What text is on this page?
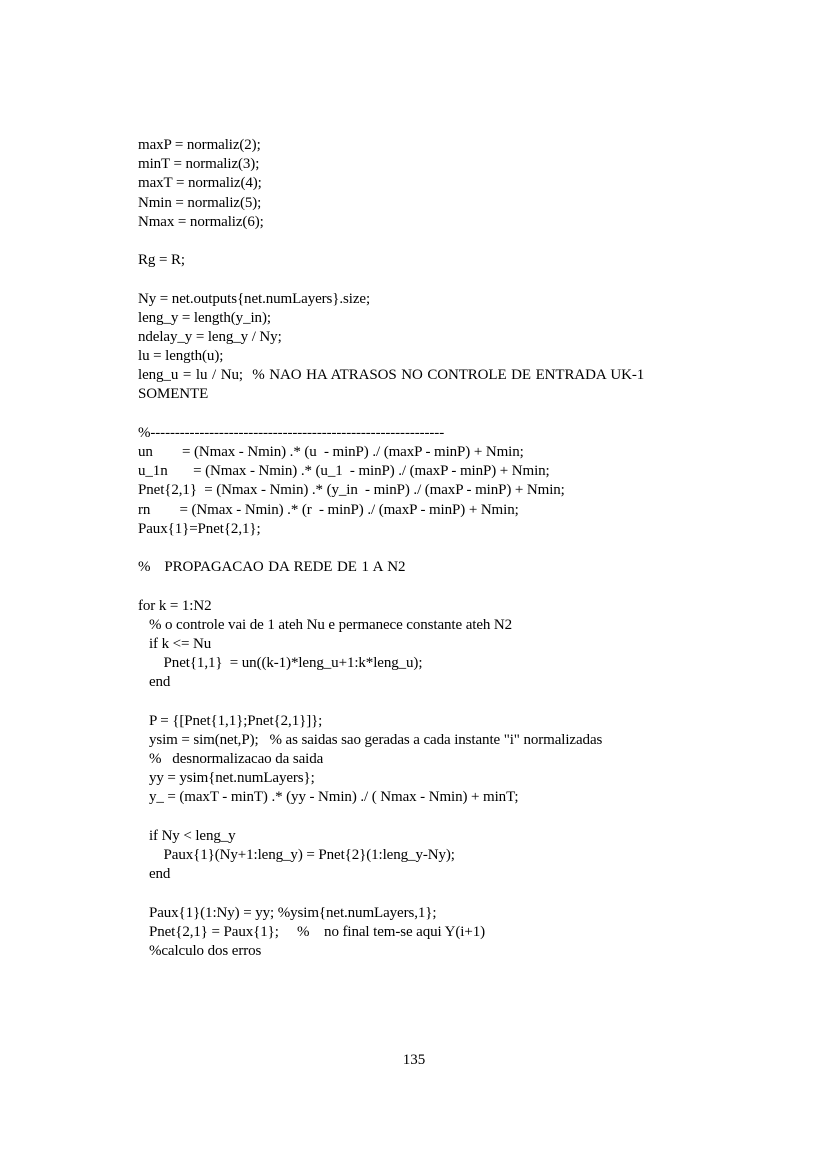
maxP = normaliz(2);
minT = normaliz(3);
maxT = normaliz(4);
Nmin = normaliz(5);
Nmax = normaliz(6);
Rg = R;
Ny = net.outputs{net.numLayers}.size;
leng_y = length(y_in);
ndelay_y = leng_y / Ny;
lu = length(u);
leng_u = lu / Nu;  % NAO HA ATRASOS NO CONTROLE DE ENTRADA UK-1
SOMENTE
%------------------------------------------------------------
un        = (Nmax - Nmin) .* (u  - minP) ./ (maxP - minP) + Nmin;
u_1n       = (Nmax - Nmin) .* (u_1  - minP) ./ (maxP - minP) + Nmin;
Pnet{2,1}  = (Nmax - Nmin) .* (y_in  - minP) ./ (maxP - minP) + Nmin;
rn        = (Nmax - Nmin) .* (r  - minP) ./ (maxP - minP) + Nmin;
Paux{1}=Pnet{2,1};
%   PROPAGACAO DA REDE DE 1 A N2
for k = 1:N2
% o controle vai de 1 ateh Nu e permanece constante ateh N2
if k <= Nu
Pnet{1,1}  = un((k-1)*leng_u+1:k*leng_u);
end
P = {[Pnet{1,1};Pnet{2,1}]};
ysim = sim(net,P);   % as saidas sao geradas a cada instante "i" normalizadas
%   desnormalizacao da saida
yy = ysim{net.numLayers};
y_ = (maxT - minT) .* (yy - Nmin) ./ ( Nmax - Nmin) + minT;
if Ny < leng_y
Paux{1}(Ny+1:leng_y) = Pnet{2}(1:leng_y-Ny);
end
Paux{1}(1:Ny) = yy; %ysim{net.numLayers,1};
Pnet{2,1} = Paux{1};     %    no final tem-se aqui Y(i+1)
%calculo dos erros
135
